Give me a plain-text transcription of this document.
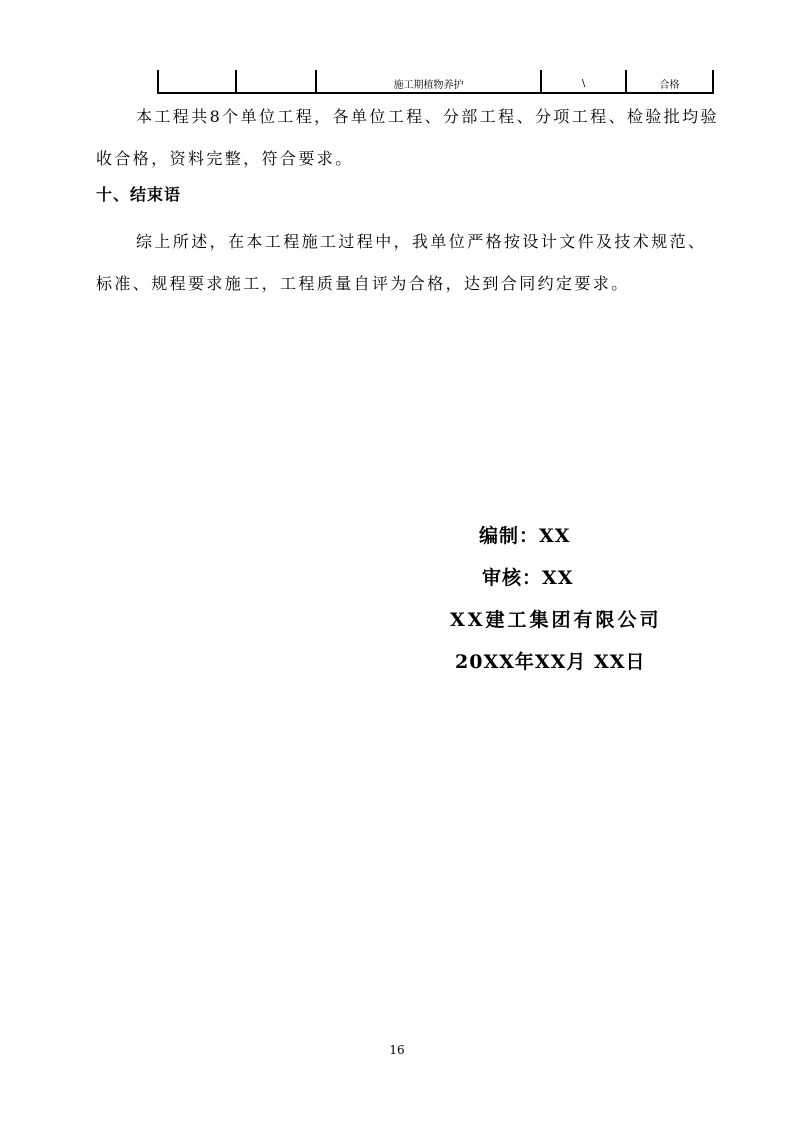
		施工期植物养护	\	合格

本工程共8个单位工程，各单位工程、分部工程、分项工程、检验批均验收合格，资料完整，符合要求。

十、结束语

综上所述，在本工程施工过程中，我单位严格按设计文件及技术规范、标准、规程要求施工，工程质量自评为合格，达到合同约定要求。

编制：XX

审核：XX

XX建工集团有限公司

20XX年XX月 XX日

16
